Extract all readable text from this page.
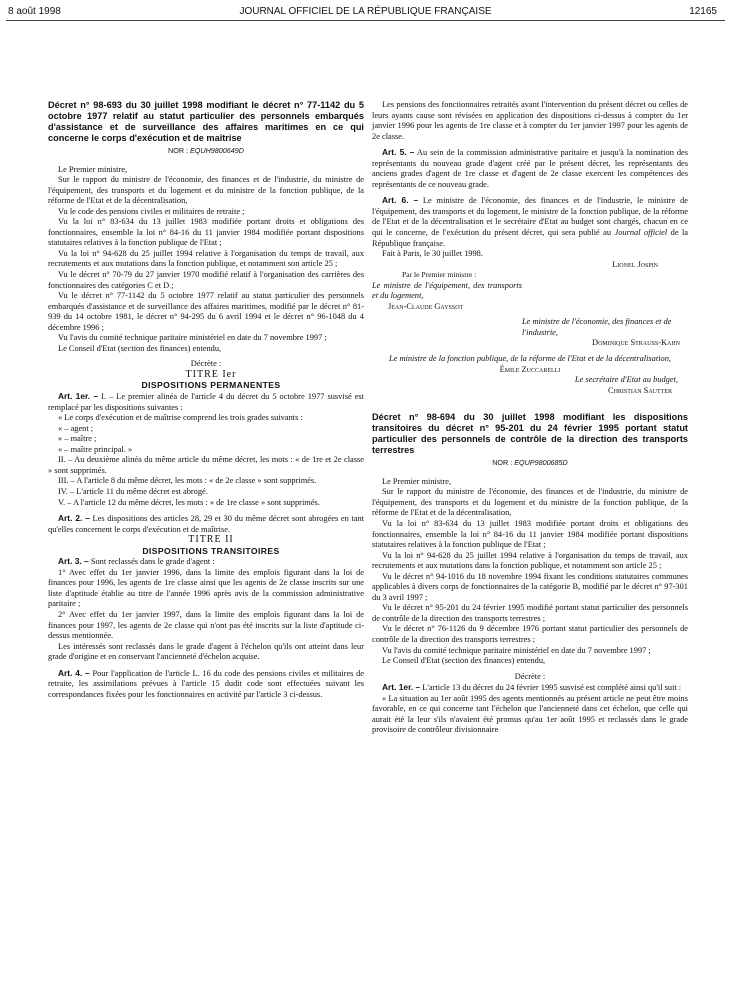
8 août 1998	JOURNAL OFFICIEL DE LA RÉPUBLIQUE FRANÇAISE	12165

Décret n° 98-693 du 30 juillet 1998 modifiant le décret n° 77-1142 du 5 octobre 1977 relatif au statut particulier des personnels embarqués d'assistance et de surveillance des affaires maritimes en ce qui concerne le corps d'exécution et de maîtrise

NOR : EQUH9800649D

Le Premier ministre,

Sur le rapport du ministre de l'économie, des finances et de l'industrie, du ministre de l'équipement, des transports et du logement et du ministre de la fonction publique, de la réforme de l'Etat et de la décentralisation,

Vu le code des pensions civiles et militaires de retraite ;

Vu la loi n° 83-634 du 13 juillet 1983 modifiée portant droits et obligations des fonctionnaires, ensemble la loi n° 84-16 du 11 janvier 1984 modifiée portant dispositions statutaires relatives à la fonction publique de l'Etat ;

Vu la loi n° 94-628 du 25 juillet 1994 relative à l'organisation du temps de travail, aux recrutements et aux mutations dans la fonction publique, et notamment son article 25 ;

Vu le décret n° 70-79 du 27 janvier 1970 modifié relatif à l'organisation des carrières des fonctionnaires des catégories C et D ;

Vu le décret n° 77-1142 du 5 octobre 1977 relatif au statut particulier des personnels embarqués d'assistance et de surveillance des affaires maritimes, modifié par le décret n° 81-939 du 14 octobre 1981, le décret n° 94-295 du 6 avril 1994 et le décret n° 96-1048 du 4 décembre 1996 ;

Vu l'avis du comité technique paritaire ministériel en date du 7 novembre 1997 ;

Le Conseil d'Etat (section des finances) entendu,

Décrète :

TITRE Ier

DISPOSITIONS PERMANENTES

Art. 1er. – I. – Le premier alinéa de l'article 4 du décret du 5 octobre 1977 susvisé est remplacé par les dispositions suivantes :

« Le corps d'exécution et de maîtrise comprend les trois grades suivants :

« – agent ;

« – maître ;

« – maître principal. »

II. – Au deuxième alinéa du même article du même décret, les mots : « de 1re et 2e classe » sont supprimés.

III. – A l'article 8 du même décret, les mots : « de 2e classe » sont supprimés.

IV. – L'article 11 du même décret est abrogé.

V. – A l'article 12 du même décret, les mots : « de 1re classe » sont supprimés.

Art. 2. – Les dispositions des articles 28, 29 et 30 du même décret sont abrogées en tant qu'elles concernent le corps d'exécution et de maîtrise.

TITRE II

DISPOSITIONS TRANSITOIRES

Art. 3. – Sont reclassés dans le grade d'agent :

1° Avec effet du 1er janvier 1996, dans la limite des emplois figurant dans la loi de finances pour 1996, les agents de 1re classe ainsi que les agents de 2e classe inscrits sur une liste d'aptitude établie au titre de l'année 1996 après avis de la commission administrative paritaire ;

2° Avec effet du 1er janvier 1997, dans la limite des emplois figurant dans la loi de finances pour 1997, les agents de 2e classe qui n'ont pas été inscrits sur la liste d'aptitude ci-dessus mentionnée.

Les intéressés sont reclassés dans le grade d'agent à l'échelon qu'ils ont atteint dans leur grade d'origine et en conservant l'ancienneté d'échelon acquise.

Art. 4. – Pour l'application de l'article L. 16 du code des pensions civiles et militaires de retraite, les assimilations prévues à l'article 15 dudit code sont effectuées suivant les correspondances fixées pour les fonctionnaires en activité par l'article 3 ci-dessus.

Les pensions des fonctionnaires retraités avant l'intervention du présent décret ou celles de leurs ayants cause sont révisées en application des dispositions ci-dessus à compter du 1er janvier 1996 pour les agents de 1re classe et à compter du 1er janvier 1997 pour les agents de 2e classe.

Art. 5. – Au sein de la commission administrative paritaire et jusqu'à la nomination des représentants du nouveau grade d'agent créé par le présent décret, les représentants des anciens grades d'agent de 1re classe et d'agent de 2e classe exercent les compétences des représentants de ce nouveau grade.

Art. 6. – Le ministre de l'économie, des finances et de l'industrie, le ministre de l'équipement, des transports et du logement, le ministre de la fonction publique, de la réforme de l'Etat et de la décentralisation et le secrétaire d'Etat au budget sont chargés, chacun en ce qui le concerne, de l'exécution du présent décret, qui sera publié au Journal officiel de la République française.

Fait à Paris, le 30 juillet 1998.

Lionel Jospin

Par le Premier ministre :

Le ministre de l'équipement, des transports et du logement,

Jean-Claude Gayssot

Le ministre de l'économie, des finances et de l'industrie,

Dominique Strauss-Kahn

Le ministre de la fonction publique, de la réforme de l'Etat et de la décentralisation,

Émile Zuccarelli

Le secrétaire d'Etat au budget,

Christian Sautter

Décret n° 98-694 du 30 juillet 1998 modifiant les dispositions transitoires du décret n° 95-201 du 24 février 1995 portant statut particulier des personnels de contrôle de la direction des transports terrestres

NOR : EQUP9800685D

Le Premier ministre,

Sur le rapport du ministre de l'économie, des finances et de l'industrie, du ministre de l'équipement, des transports et du logement et du ministre de la fonction publique, de la réforme de l'Etat et de la décentralisation,

Vu la loi n° 83-634 du 13 juillet 1983 modifiée portant droits et obligations des fonctionnaires, ensemble la loi n° 84-16 du 11 janvier 1984 modifiée portant dispositions statutaires relatives à la fonction publique de l'Etat ;

Vu la loi n° 94-628 du 25 juillet 1994 relative à l'organisation du temps de travail, aux recrutements et aux mutations dans la fonction publique, et notamment son article 25 ;

Vu le décret n° 94-1016 du 18 novembre 1994 fixant les conditions statutaires communes applicables à divers corps de fonctionnaires de la catégorie B, modifié par le décret n° 97-301 du 3 avril 1997 ;

Vu le décret n° 95-201 du 24 février 1995 modifié portant statut particulier des personnels de contrôle de la direction des transports terrestres ;

Vu le décret n° 76-1126 du 9 décembre 1976 portant statut particulier des personnels de contrôle de la direction des transports terrestres ;

Vu l'avis du comité technique paritaire ministériel en date du 7 novembre 1997 ;

Le Conseil d'Etat (section des finances) entendu,

Décrète :

Art. 1er. – L'article 13 du décret du 24 février 1995 susvisé est complété ainsi qu'il suit :

« La situation au 1er août 1995 des agents mentionnés au présent article ne peut être moins favorable, en ce qui concerne tant l'échelon que l'ancienneté dans cet échelon, que celle qui aurait été la leur s'ils n'avaient été promus qu'au 1er août 1995 et reclassés dans le grade provisoire de contrôleur divisionnaire
